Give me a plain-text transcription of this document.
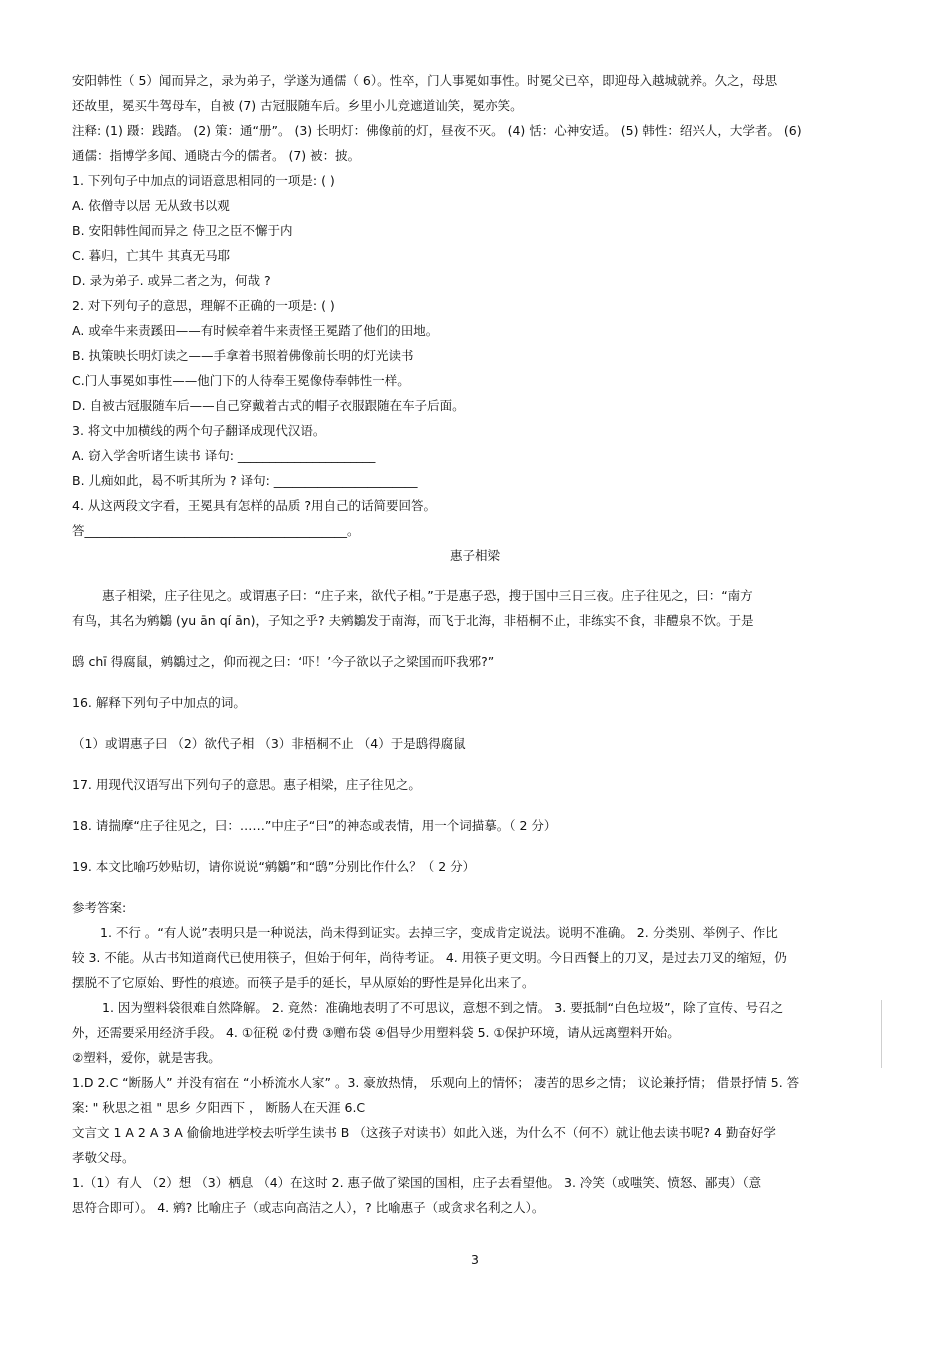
安阳韩性（ 5）闻而异之，录为弟子，学遂为通儒（ 6）。性卒，门人事冕如事性。时冕父已卒，即迎母入越城就养。久之，母思
还故里，冕买牛驾母车，自被 (7) 古冠服随车后。乡里小儿竞遮道讪笑，冕亦笑。
注释: (1) 蹑：践踏。 (2) 策：通“册”。 (3) 长明灯：佛像前的灯，昼夜不灭。 (4) 恬：心神安适。 (5) 韩性：绍兴人，大学者。 (6)
通儒：指博学多闻、通晓古今的儒者。 (7) 被：披。
1. 下列句子中加点的词语意思相同的一项是: ( )
A. 依僧寺以居 无从致书以观
B. 安阳韩性闻而异之 侍卫之臣不懈于内
C. 暮归，亡其牛 其真无马耶
D. 录为弟子. 或异二者之为，何哉 ?
2. 对下列句子的意思，理解不正确的一项是: ( )
A. 或牵牛来责蹊田——有时候牵着牛来责怪王冕踏了他们的田地。
B. 执策映长明灯读之——手拿着书照着佛像前长明的灯光读书
C.门人事冕如事性——他门下的人待奉王冕像侍奉韩性一样。
D. 自被古冠服随车后——自己穿戴着古式的帽子衣服跟随在车子后面。
3. 将文中加横线的两个句子翻译成现代汉语。
A. 窃入学舍听诸生读书 译句: ______________________
B. 儿痴如此，曷不听其所为 ? 译句: _______________________
4. 从这两段文字看，王冕具有怎样的品质 ?用自己的话简要回答。
答__________________________________________。
惠子相梁
惠子相梁，庄子往见之。或谓惠子曰：“庄子来，欲代子相。”于是惠子恐，搜于国中三日三夜。庄子往见之，曰：“南方
有鸟，其名为鹓鶵 (yu ān qí ān)，子知之乎? 夫鹓鶵发于南海，而飞于北海，非梧桐不止，非练实不食，非醴泉不饮。于是
鸱 chī 得腐鼠，鹓鶵过之，仰而视之曰：‘吓！’今子欲以子之梁国而吓我邪?”
16. 解释下列句子中加点的词。
（1）或谓惠子曰 （2）欲代子相 （3）非梧桐不止 （4）于是鸱得腐鼠
17. 用现代汉语写出下列句子的意思。惠子相梁，庄子往见之。
18. 请揣摩“庄子往见之，曰：……”中庄子“曰”的神态或表情，用一个词描摹。（ 2 分）
19. 本文比喻巧妙贴切，请你说说“鹓鶵”和“鸱”分别比作什么？（ 2 分）
参考答案:
1. 不行 。“有人说”表明只是一种说法，尚未得到证实。去掉三字，变成肯定说法。说明不准确。 2. 分类别、举例子、作比
较 3. 不能。从古书知道商代已使用筷子，但始于何年，尚待考证。 4. 用筷子更文明。今日西餐上的刀叉，是过去刀叉的缩短，仍
摆脱不了它原始、野性的痕迹。而筷子是手的延长，早从原始的野性是异化出来了。
1. 因为塑料袋很难自然降解。 2. 竟然：准确地表明了不可思议，意想不到之情。 3. 要抵制“白色垃圾”，除了宣传、号召之
外，还需要采用经济手段。 4. ①征税 ②付费 ③赠布袋 ④倡导少用塑料袋 5. ①保护环境，请从远离塑料开始。
②塑料，爱你，就是害我。
1.D 2.C “断肠人” 并没有宿在 “小桥流水人家” 。3. 豪放热情， 乐观向上的情怀； 凄苦的思乡之情； 议论兼抒情； 借景抒情 5. 答
案: " 秋思之祖 " 思乡 夕阳西下 ， 断肠人在天涯 6.C
文言文 1 A 2 A 3 A 偷偷地进学校去听学生读书 B （这孩子对读书）如此入迷，为什么不（何不）就让他去读书呢? 4 勤奋好学
孝敬父母。
1.（1）有人 （2）想 （3）栖息 （4）在这时 2. 惠子做了梁国的国相，庄子去看望他。 3. 冷笑（或嗤笑、愤怒、鄙夷）（意
思符合即可）。 4. 鹓? 比喻庄子（或志向高洁之人），? 比喻惠子（或贪求名利之人）。
3
